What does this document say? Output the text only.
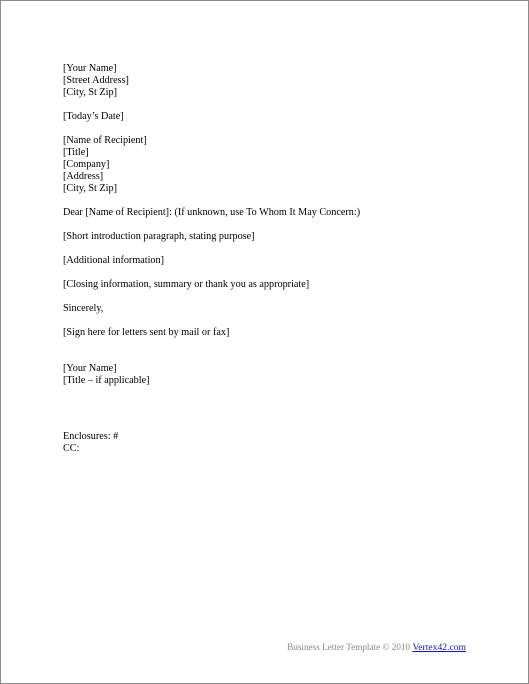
[Your Name]
[Street Address]
[City, St Zip]
[Today’s Date]
[Name of Recipient]
[Title]
[Company]
[Address]
[City, St Zip]
Dear [Name of Recipient]: (If unknown, use To Whom It May Concern:)
[Short introduction paragraph, stating purpose]
[Additional information]
[Closing information, summary or thank you as appropriate]
Sincerely,
[Sign here for letters sent by mail or fax]
[Your Name]
[Title – if applicable]
Enclosures: #
CC:
Business Letter Template © 2010 Vertex42.com
